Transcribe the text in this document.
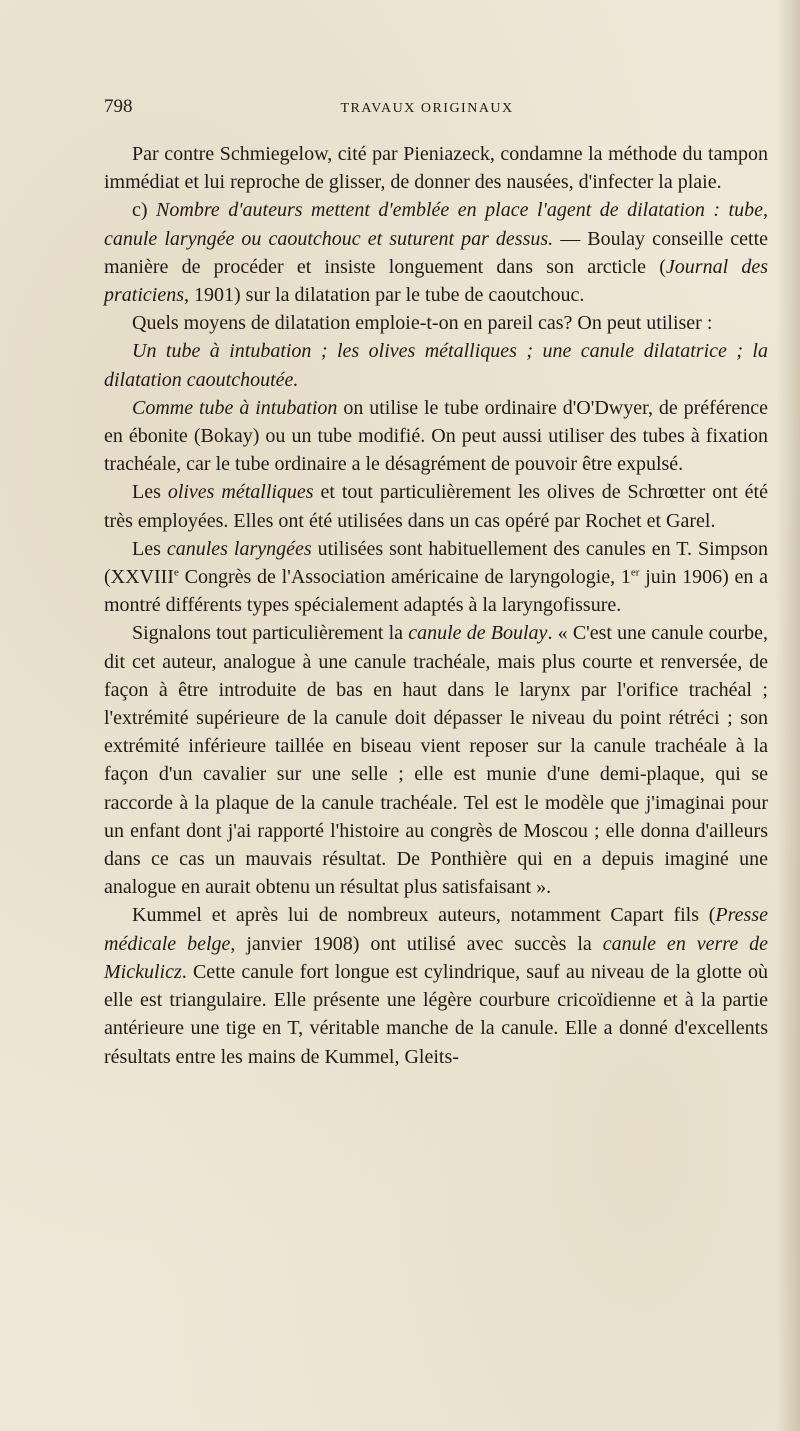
798	TRAVAUX ORIGINAUX

Par contre Schmiegelow, cité par Pieniazeck, condamne la méthode du tampon immédiat et lui reproche de glisser, de donner des nausées, d'infecter la plaie.

c) Nombre d'auteurs mettent d'emblée en place l'agent de dilatation : tube, canule laryngée ou caoutchouc et suturent par dessus. — Boulay conseille cette manière de procéder et insiste longuement dans son arcticle (Journal des praticiens, 1901) sur la dilatation par le tube de caoutchouc.

Quels moyens de dilatation emploie-t-on en pareil cas? On peut utiliser :

Un tube à intubation ; les olives métalliques ; une canule dilatatrice ; la dilatation caoutchoutée.

Comme tube à intubation on utilise le tube ordinaire d'O'Dwyer, de préférence en ébonite (Bokay) ou un tube modifié. On peut aussi utiliser des tubes à fixation trachéale, car le tube ordinaire a le désagrément de pouvoir être expulsé.

Les olives métalliques et tout particulièrement les olives de Schrœtter ont été très employées. Elles ont été utilisées dans un cas opéré par Rochet et Garel.

Les canules laryngées utilisées sont habituellement des canules en T. Simpson (XXVIIIe Congrès de l'Association américaine de laryngologie, 1er juin 1906) en a montré différents types spécialement adaptés à la laryngofissure.

Signalons tout particulièrement la canule de Boulay. « C'est une canule courbe, dit cet auteur, analogue à une canule trachéale, mais plus courte et renversée, de façon à être introduite de bas en haut dans le larynx par l'orifice trachéal ; l'extrémité supérieure de la canule doit dépasser le niveau du point rétréci ; son extrémité inférieure taillée en biseau vient reposer sur la canule trachéale à la façon d'un cavalier sur une selle ; elle est munie d'une demi-plaque, qui se raccorde à la plaque de la canule trachéale. Tel est le modèle que j'imaginai pour un enfant dont j'ai rapporté l'histoire au congrès de Moscou ; elle donna d'ailleurs dans ce cas un mauvais résultat. De Ponthière qui en a depuis imaginé une analogue en aurait obtenu un résultat plus satisfaisant ».

Kummel et après lui de nombreux auteurs, notamment Capart fils (Presse médicale belge, janvier 1908) ont utilisé avec succès la canule en verre de Mickulicz. Cette canule fort longue est cylindrique, sauf au niveau de la glotte où elle est triangulaire. Elle présente une légère courbure cricoïdienne et à la partie antérieure une tige en T, véritable manche de la canule. Elle a donné d'excellents résultats entre les mains de Kummel, Gleits-
